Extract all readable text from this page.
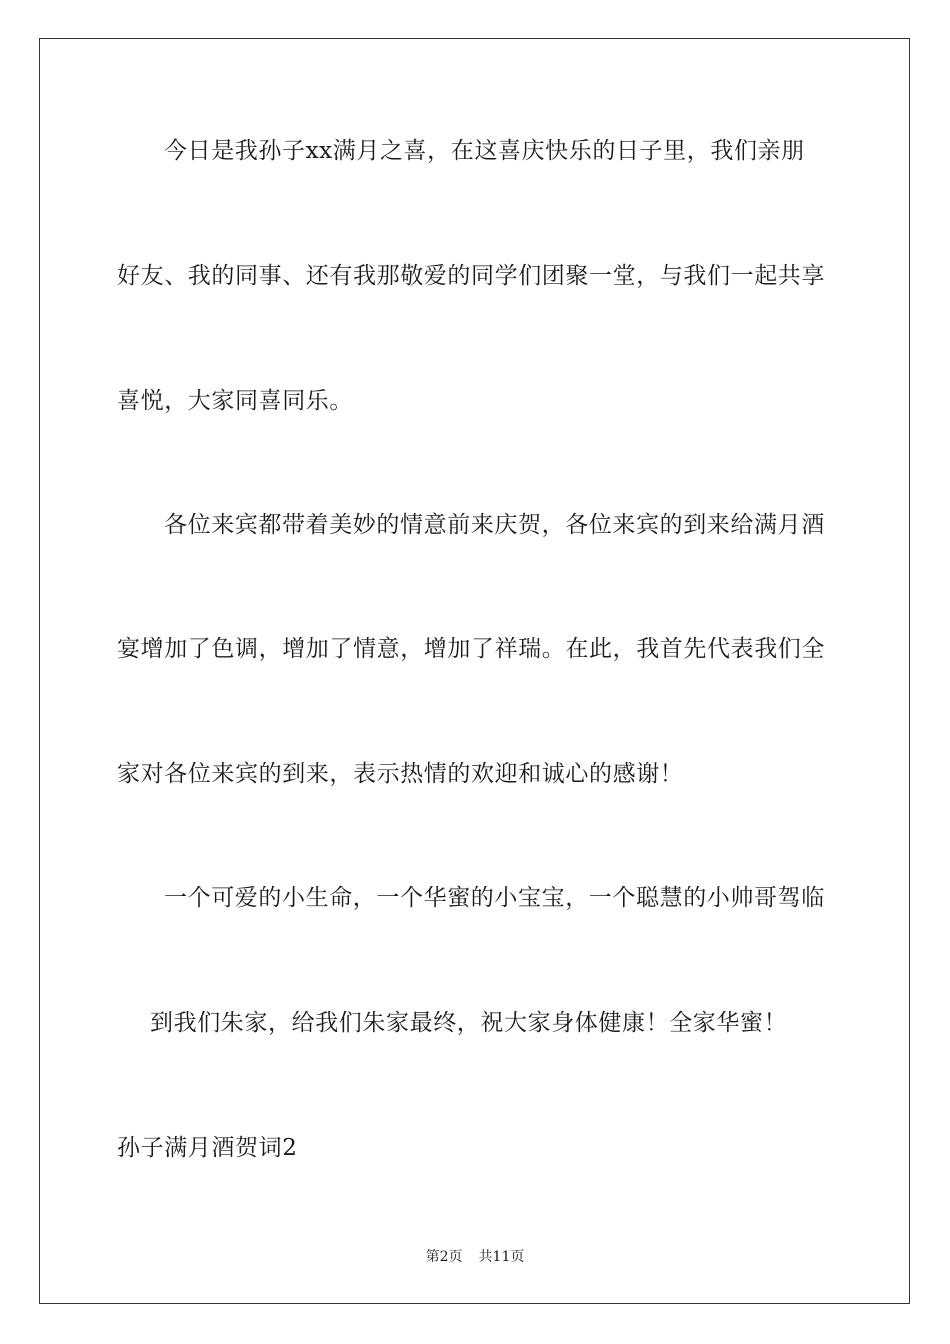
今日是我孙子xx满月之喜，在这喜庆快乐的日子里，我们亲朋
好友、我的同事、还有我那敬爱的同学们团聚一堂，与我们一起共享
喜悦，大家同喜同乐。
各位来宾都带着美妙的情意前来庆贺，各位来宾的到来给满月酒
宴增加了色调，增加了情意，增加了祥瑞。在此，我首先代表我们全
家对各位来宾的到来，表示热情的欢迎和诚心的感谢！
一个可爱的小生命，一个华蜜的小宝宝，一个聪慧的小帅哥驾临
到我们朱家，给我们朱家最终，祝大家身体健康！全家华蜜！
孙子满月酒贺词2
第2页 共11页
